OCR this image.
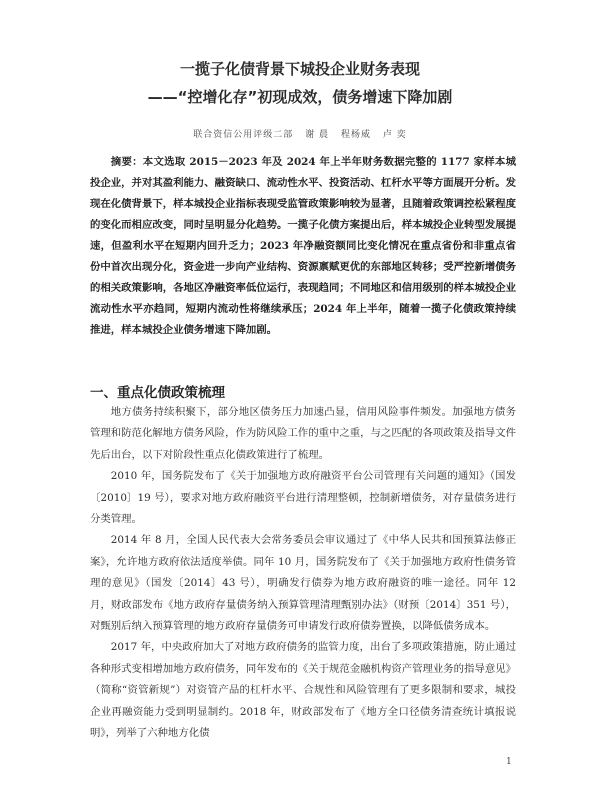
一揽子化债背景下城投企业财务表现
——“控增化存”初现成效，债务增速下降加剧

联合资信公用评级二部 谢 晨 程杨威 卢 奕

摘要：本文选取 2015－2023 年及 2024 年上半年财务数据完整的 1177 家样本城投企业，并对其盈利能力、融资缺口、流动性水平、投资活动、杠杆水平等方面展开分析。发现在化债背景下，样本城投企业指标表现受监管政策影响较为显著，且随着政策调控松紧程度的变化而相应改变，同时呈明显分化趋势。一揽子化债方案提出后，样本城投企业转型发展提速，但盈利水平在短期内回升乏力；2023 年净融资额同比变化情况在重点省份和非重点省份中首次出现分化，资金进一步向产业结构、资源禀赋更优的东部地区转移；受严控新增债务的相关政策影响，各地区净融资率低位运行，表现趋同；不同地区和信用级别的样本城投企业流动性水平亦趋同，短期内流动性将继续承压；2024 年上半年，随着一揽子化债政策持续推进，样本城投企业债务增速下降加剧。

一、重点化债政策梳理

地方债务持续积聚下，部分地区债务压力加速凸显，信用风险事件频发。加强地方债务管理和防范化解地方债务风险，作为防风险工作的重中之重，与之匹配的各项政策及指导文件先后出台，以下对阶段性重点化债政策进行了梳理。

2010 年，国务院发布了《关于加强地方政府融资平台公司管理有关问题的通知》（国发〔2010〕19 号），要求对地方政府融资平台进行清理整顿，控制新增债务，对存量债务进行分类管理。

2014 年 8 月，全国人民代表大会常务委员会审议通过了《中华人民共和国预算法修正案》，允许地方政府依法适度举债。同年 10 月，国务院发布了《关于加强地方政府性债务管理的意见》（国发〔2014〕43 号），明确发行债券为地方政府融资的唯一途径。同年 12 月，财政部发布《地方政府存量债务纳入预算管理清理甄别办法》（财预〔2014〕351 号），对甄别后纳入预算管理的地方政府存量债务可申请发行政府债券置换，以降低债务成本。

2017 年，中央政府加大了对地方政府债务的监管力度，出台了多项政策措施，防止通过各种形式变相增加地方政府债务，同年发布的《关于规范金融机构资产管理业务的指导意见》（简称“资管新规”）对资管产品的杠杆水平、合规性和风险管理有了更多限制和要求，城投企业再融资能力受到明显制约。2018 年，财政部发布了《地方全口径债务清查统计填报说明》，列举了六种地方化债

1
